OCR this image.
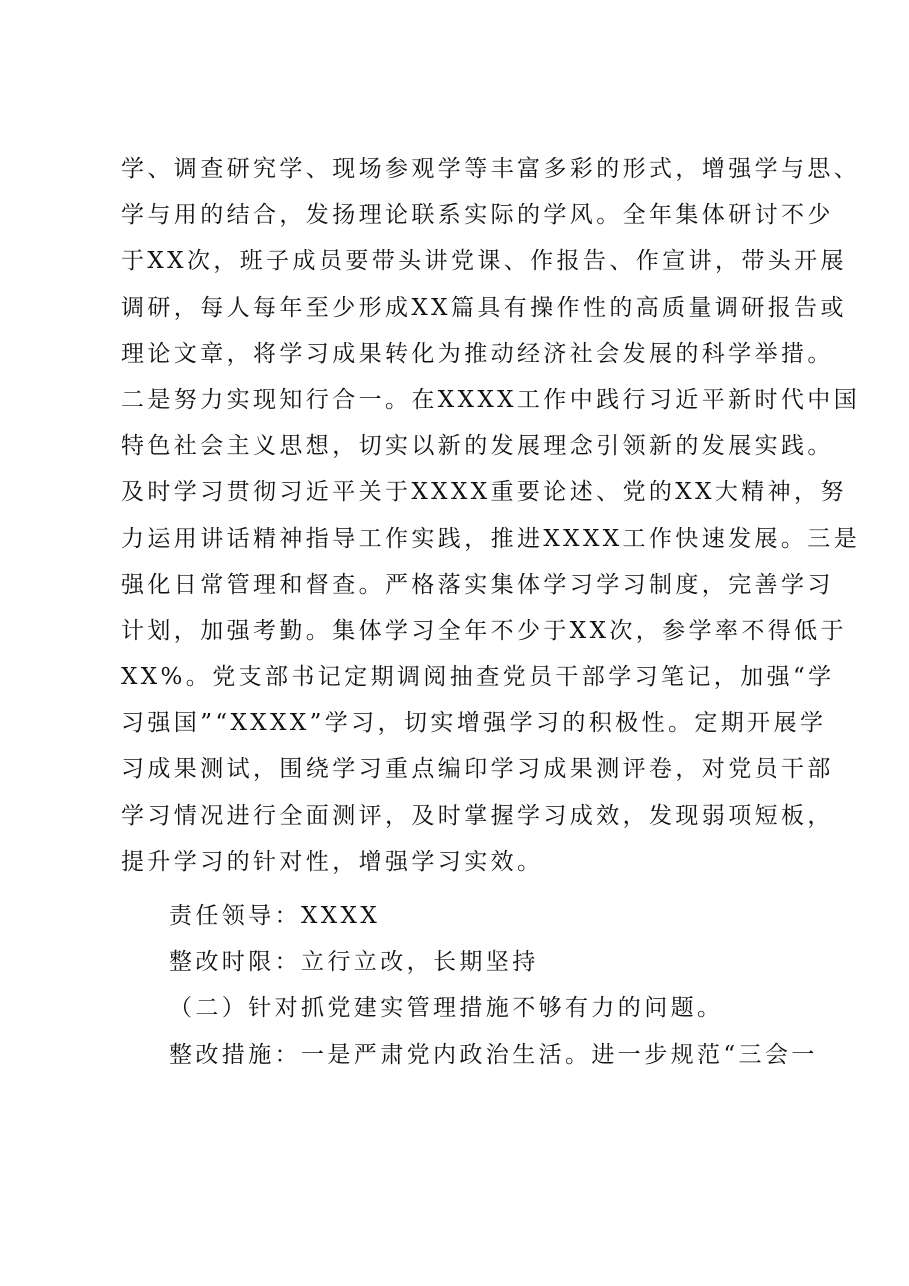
学、调查研究学、现场参观学等丰富多彩的形式，增强学与思、
学与用的结合，发扬理论联系实际的学风。全年集体研讨不少
于XX次，班子成员要带头讲党课、作报告、作宣讲，带头开展
调研，每人每年至少形成XX篇具有操作性的高质量调研报告或
理论文章，将学习成果转化为推动经济社会发展的科学举措。
二是努力实现知行合一。在XXXX工作中践行习近平新时代中国
特色社会主义思想，切实以新的发展理念引领新的发展实践。
及时学习贯彻习近平关于XXXX重要论述、党的XX大精神，努
力运用讲话精神指导工作实践，推进XXXX工作快速发展。三是
强化日常管理和督查。严格落实集体学习学习制度，完善学习
计划，加强考勤。集体学习全年不少于XX次，参学率不得低于
XX%。党支部书记定期调阅抽查党员干部学习笔记，加强“学
习强国”“XXXX”学习，切实增强学习的积极性。定期开展学
习成果测试，围绕学习重点编印学习成果测评卷，对党员干部
学习情况进行全面测评，及时掌握学习成效，发现弱项短板，
提升学习的针对性，增强学习实效。
责任领导：XXXX
整改时限：立行立改，长期坚持
（二）针对抓党建实管理措施不够有力的问题。
整改措施：一是严肃党内政治生活。进一步规范“三会一
